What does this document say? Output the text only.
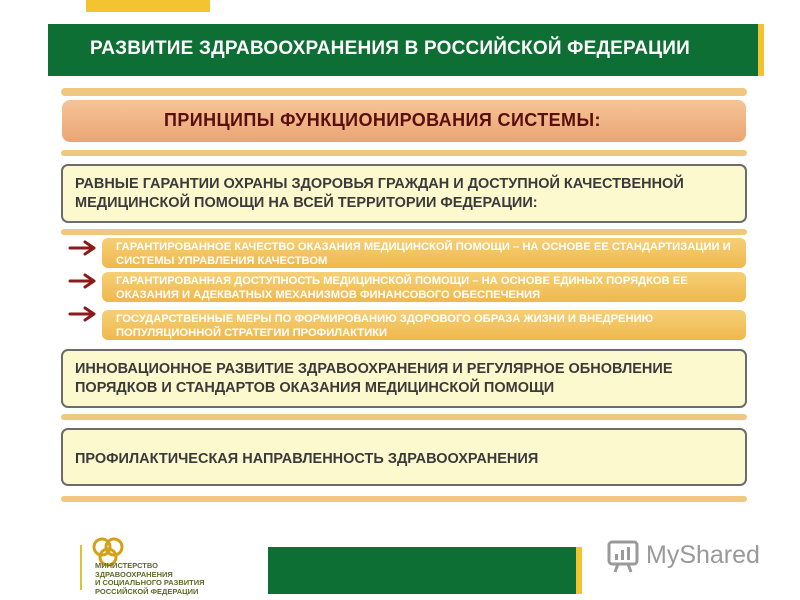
РАЗВИТИЕ ЗДРАВООХРАНЕНИЯ В РОССИЙСКОЙ ФЕДЕРАЦИИ
ПРИНЦИПЫ ФУНКЦИОНИРОВАНИЯ СИСТЕМЫ:
РАВНЫЕ ГАРАНТИИ ОХРАНЫ ЗДОРОВЬЯ ГРАЖДАН И ДОСТУПНОЙ КАЧЕСТВЕННОЙ МЕДИЦИНСКОЙ ПОМОЩИ НА ВСЕЙ ТЕРРИТОРИИ ФЕДЕРАЦИИ:
ГАРАНТИРОВАННОЕ КАЧЕСТВО ОКАЗАНИЯ МЕДИЦИНСКОЙ ПОМОЩИ – НА ОСНОВЕ ЕЕ СТАНДАРТИЗАЦИИ И СИСТЕМЫ УПРАВЛЕНИЯ КАЧЕСТВОМ
ГАРАНТИРОВАННАЯ ДОСТУПНОСТЬ МЕДИЦИНСКОЙ ПОМОЩИ – НА ОСНОВЕ ЕДИНЫХ ПОРЯДКОВ ЕЕ ОКАЗАНИЯ И АДЕКВАТНЫХ МЕХАНИЗМОВ ФИНАНСОВОГО ОБЕСПЕЧЕНИЯ
ГОСУДАРСТВЕННЫЕ МЕРЫ ПО ФОРМИРОВАНИЮ ЗДОРОВОГО ОБРАЗА ЖИЗНИ И ВНЕДРЕНИЮ ПОПУЛЯЦИОННОЙ СТРАТЕГИИ ПРОФИЛАКТИКИ
ИННОВАЦИОННОЕ РАЗВИТИЕ ЗДРАВООХРАНЕНИЯ И РЕГУЛЯРНОЕ ОБНОВЛЕНИЕ ПОРЯДКОВ И СТАНДАРТОВ ОКАЗАНИЯ МЕДИЦИНСКОЙ ПОМОЩИ
ПРОФИЛАКТИЧЕСКАЯ НАПРАВЛЕННОСТЬ ЗДРАВООХРАНЕНИЯ
МИНИСТЕРСТВО
ЗДРАВООХРАНЕНИЯ
И СОЦИАЛЬНОГО РАЗВИТИЯ
РОССИЙСКОЙ ФЕДЕРАЦИИ
MyShared
